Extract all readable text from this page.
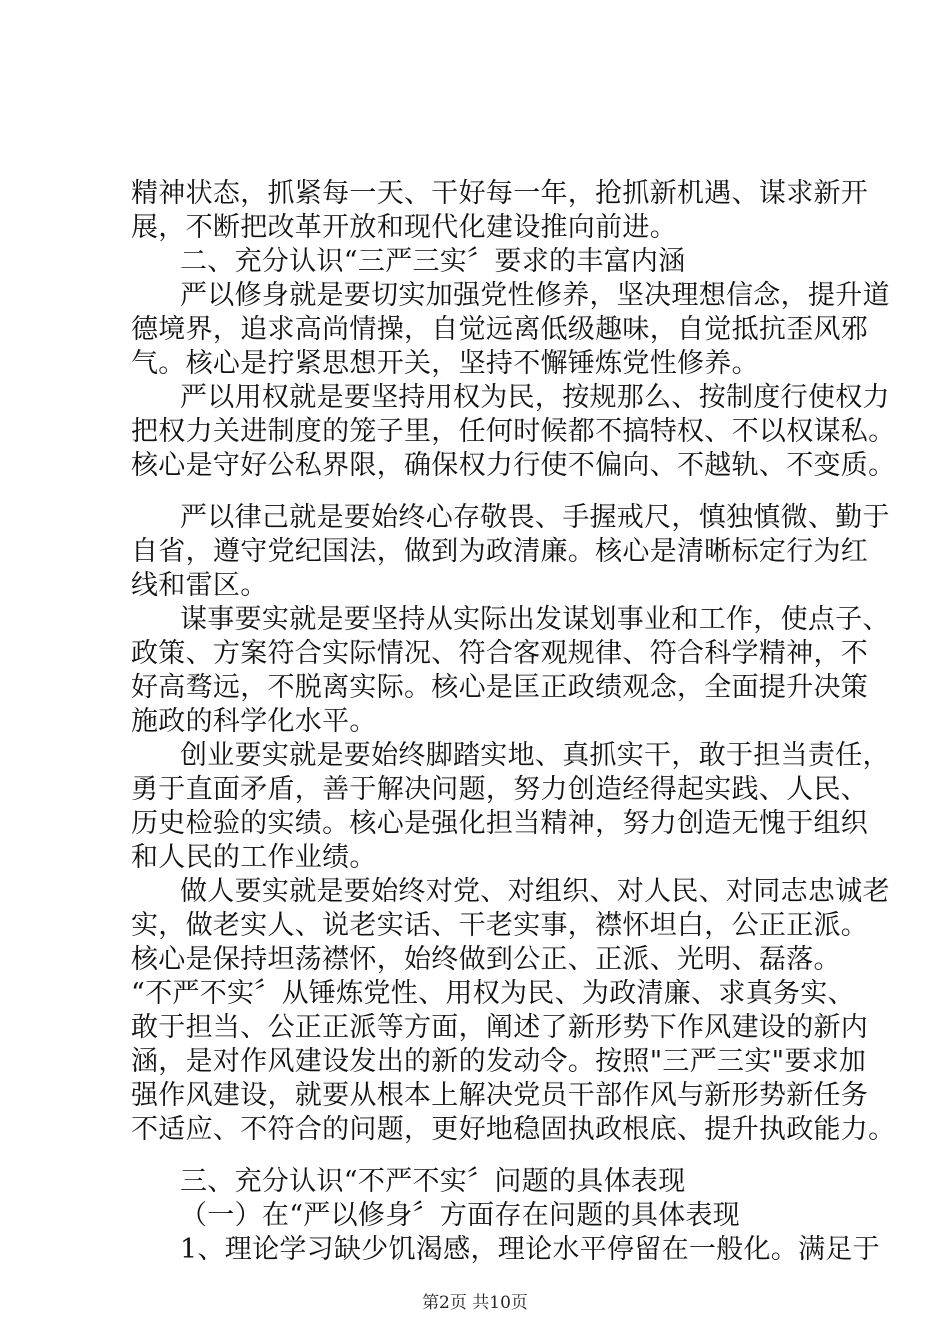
精神状态，抓紧每一天、干好每一年，抢抓新机遇、谋求新开
展，不断把改革开放和现代化建设推向前进。
二、充分认识“三严三实〞要求的丰富内涵
严以修身就是要切实加强党性修养，坚决理想信念，提升道
德境界，追求高尚情操，自觉远离低级趣味，自觉抵抗歪风邪
气。核心是拧紧思想开关，坚持不懈锤炼党性修养。
严以用权就是要坚持用权为民，按规那么、按制度行使权力
把权力关进制度的笼子里，任何时候都不搞特权、不以权谋私。
核心是守好公私界限，确保权力行使不偏向、不越轨、不变质。
严以律己就是要始终心存敬畏、手握戒尺，慎独慎微、勤于
自省，遵守党纪国法，做到为政清廉。核心是清晰标定行为红
线和雷区。
谋事要实就是要坚持从实际出发谋划事业和工作，使点子、
政策、方案符合实际情况、符合客观规律、符合科学精神，不
好高骛远，不脱离实际。核心是匡正政绩观念，全面提升决策
施政的科学化水平。
创业要实就是要始终脚踏实地、真抓实干，敢于担当责任，
勇于直面矛盾，善于解决问题，努力创造经得起实践、人民、
历史检验的实绩。核心是强化担当精神，努力创造无愧于组织
和人民的工作业绩。
做人要实就是要始终对党、对组织、对人民、对同志忠诚老
实，做老实人、说老实话、干老实事，襟怀坦白，公正正派。
核心是保持坦荡襟怀，始终做到公正、正派、光明、磊落。
“不严不实〞从锤炼党性、用权为民、为政清廉、求真务实、
敢于担当、公正正派等方面，阐述了新形势下作风建设的新内
涵，是对作风建设发出的新的发动令。按照"三严三实"要求加
强作风建设，就要从根本上解决党员干部作风与新形势新任务
不适应、不符合的问题，更好地稳固执政根底、提升执政能力。
三、充分认识“不严不实〞问题的具体表现
（一）在“严以修身〞方面存在问题的具体表现
1、理论学习缺少饥渴感，理论水平停留在一般化。满足于
第2页 共10页
